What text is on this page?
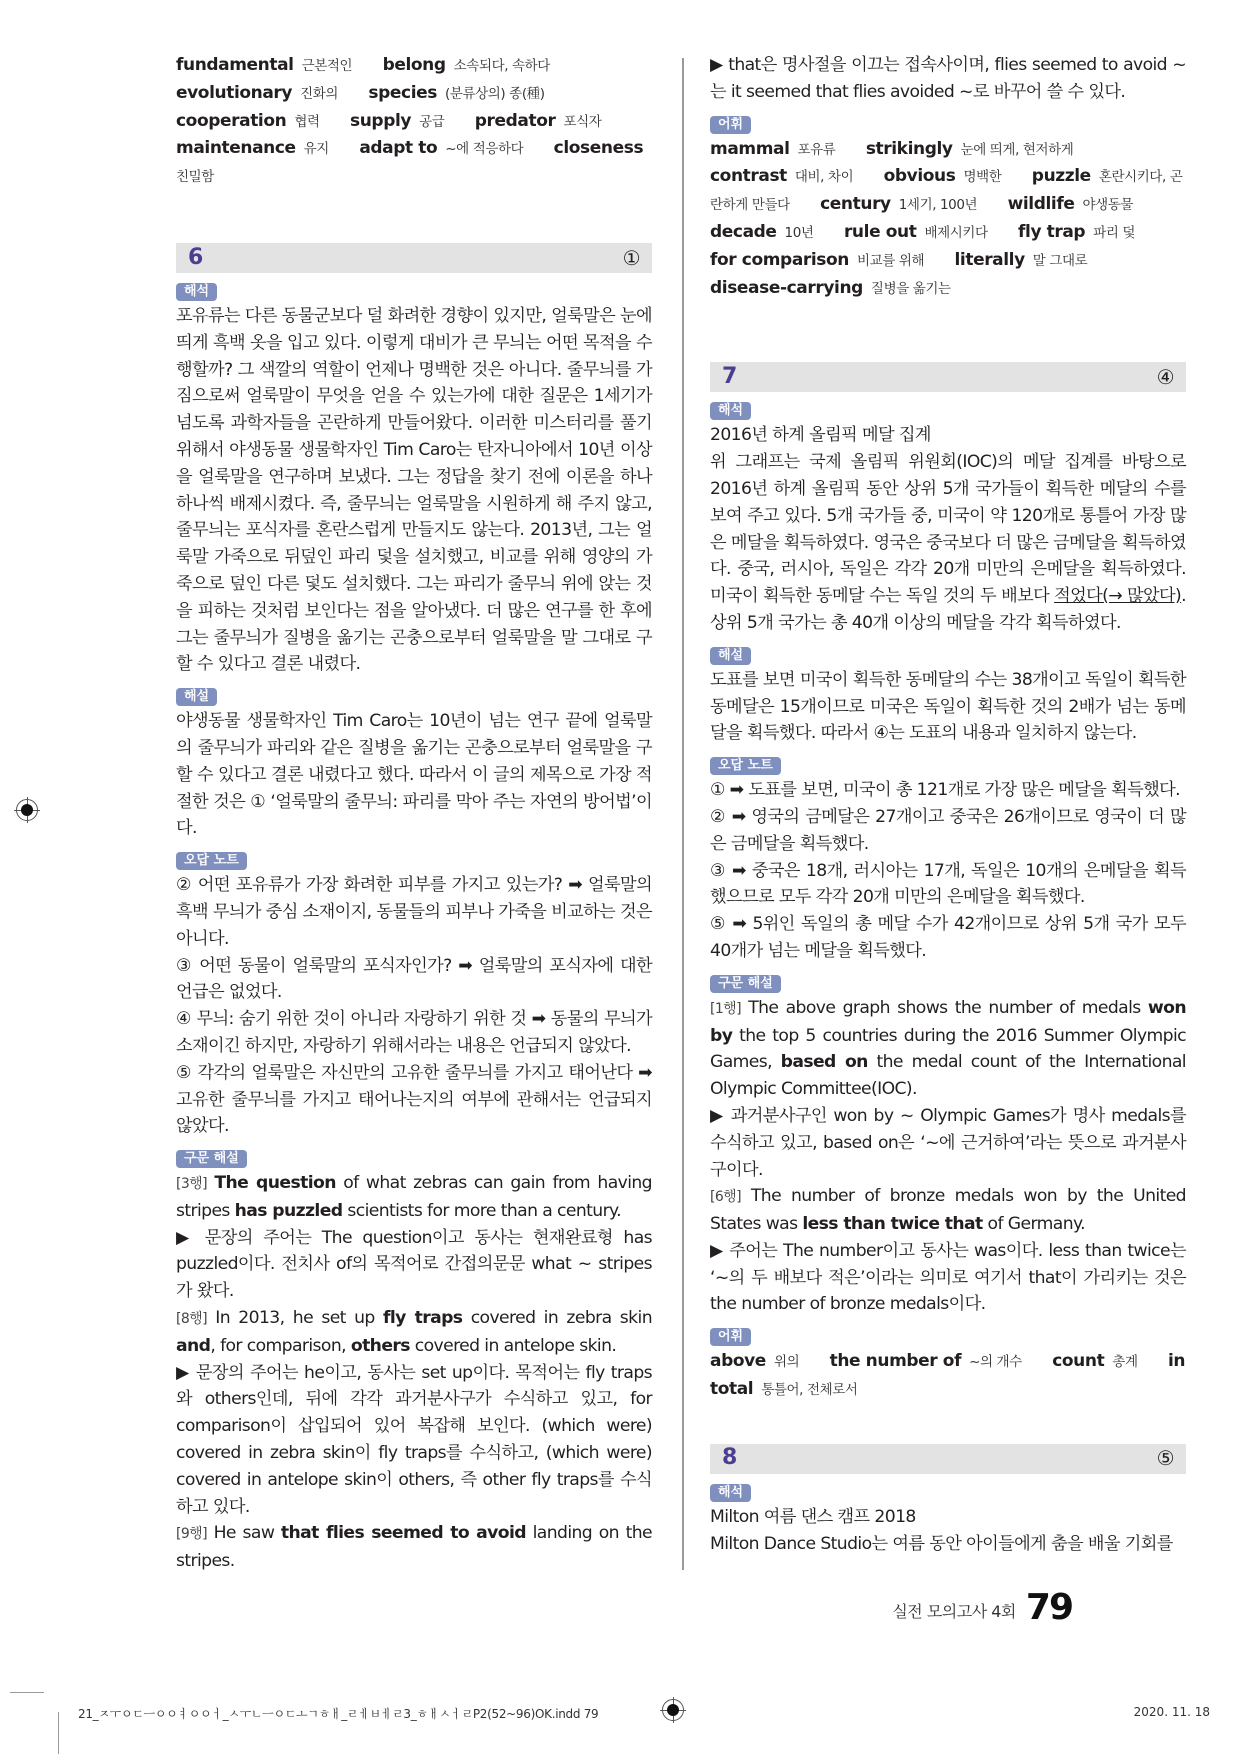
fundamental 근본적인 belong 소속되다, 속하다 evolutionary 진화의 species (분류상의) 종(種) cooperation 협력 supply 공급 predator 포식자 maintenance 유지 adapt to ~에 적응하다 closeness친밀함
6	①
해석

포유류는 다른 동물군보다 덜 화려한 경향이 있지만, 얼룩말은 눈에 띄게 흑백 옷을 입고 있다. 이렇게 대비가 큰 무늬는 어떤 목적을 수행할까? 그 색깔의 역할이 언제나 명백한 것은 아니다. 줄무늬를 가짐으로써 얼룩말이 무엇을 얻을 수 있는가에 대한 질문은 1세기가 넘도록 과학자들을 곤란하게 만들어왔다. 이러한 미스터리를 풀기 위해서 야생동물 생물학자인 Tim Caro는 탄자니아에서 10년 이상을 얼룩말을 연구하며 보냈다. 그는 정답을 찾기 전에 이론을 하나 하나씩 배제시켰다. 즉, 줄무늬는 얼룩말을 시원하게 해 주지 않고, 줄무늬는 포식자를 혼란스럽게 만들지도 않는다. 2013년, 그는 얼룩말 가죽으로 뒤덮인 파리 덫을 설치했고, 비교를 위해 영양의 가죽으로 덮인 다른 덫도 설치했다. 그는 파리가 줄무늬 위에 앉는 것을 피하는 것처럼 보인다는 점을 알아냈다. 더 많은 연구를 한 후에 그는 줄무늬가 질병을 옮기는 곤충으로부터 얼룩말을 말 그대로 구할 수 있다고 결론 내렸다.

해설

야생동물 생물학자인 Tim Caro는 10년이 넘는 연구 끝에 얼룩말의 줄무늬가 파리와 같은 질병을 옮기는 곤충으로부터 얼룩말을 구할 수 있다고 결론 내렸다고 했다. 따라서 이 글의 제목으로 가장 적절한 것은 ① ‘얼룩말의 줄무늬: 파리를 막아 주는 자연의 방어법’이다.

오답 노트

② 어떤 포유류가 가장 화려한 피부를 가지고 있는가? ➡ 얼룩말의 흑백 무늬가 중심 소재이지, 동물들의 피부나 가죽을 비교하는 것은 아니다.

③ 어떤 동물이 얼룩말의 포식자인가? ➡ 얼룩말의 포식자에 대한 언급은 없었다.

④ 무늬: 숨기 위한 것이 아니라 자랑하기 위한 것 ➡ 동물의 무늬가 소재이긴 하지만, 자랑하기 위해서라는 내용은 언급되지 않았다.

⑤ 각각의 얼룩말은 자신만의 고유한 줄무늬를 가지고 태어난다 ➡ 고유한 줄무늬를 가지고 태어나는지의 여부에 관해서는 언급되지 않았다.

구문 해설

[3행] The question of what zebras can gain from having stripes has puzzled scientists for more than a century.

▶ 문장의 주어는 The question이고 동사는 현재완료형 has puzzled이다. 전치사 of의 목적어로 간접의문문 what ~ stripes가 왔다.

[8행] In 2013, he set up fly traps covered in zebra skin and, for comparison, others covered in antelope skin.

▶ 문장의 주어는 he이고, 동사는 set up이다. 목적어는 fly traps와 others인데, 뒤에 각각 과거분사구가 수식하고 있고, for comparison이 삽입되어 있어 복잡해 보인다. (which were) covered in zebra skin이 fly traps를 수식하고, (which were) covered in antelope skin이 others, 즉 other fly traps를 수식하고 있다.

[9행] He saw that flies seemed to avoid landing on the stripes.

▶ that은 명사절을 이끄는 접속사이며, flies seemed to avoid ~는 it seemed that flies avoided ~로 바꾸어 쓸 수 있다.

어휘
mammal 포유류 strikingly 눈에 띄게, 현저하게 contrast 대비, 차이 obvious 명백한 puzzle 혼란시키다, 곤란하게 만들다 century 1세기, 100년 wildlife 야생동물 decade 10년 rule out 배제시키다 fly trap 파리 덫 for comparison 비교를 위해 literally 말 그대로 disease-carrying 질병을 옮기는
7	④
해석

2016년 하계 올림픽 메달 집계

위 그래프는 국제 올림픽 위원회(IOC)의 메달 집계를 바탕으로 2016년 하계 올림픽 동안 상위 5개 국가들이 획득한 메달의 수를 보여 주고 있다. 5개 국가들 중, 미국이 약 120개로 통틀어 가장 많은 메달을 획득하였다. 영국은 중국보다 더 많은 금메달을 획득하였다. 중국, 러시아, 독일은 각각 20개 미만의 은메달을 획득하였다. 미국이 획득한 동메달 수는 독일 것의 두 배보다 적었다(→ 많았다). 상위 5개 국가는 총 40개 이상의 메달을 각각 획득하였다.

해설

도표를 보면 미국이 획득한 동메달의 수는 38개이고 독일이 획득한 동메달은 15개이므로 미국은 독일이 획득한 것의 2배가 넘는 동메달을 획득했다. 따라서 ④는 도표의 내용과 일치하지 않는다.

오답 노트

① ➡ 도표를 보면, 미국이 총 121개로 가장 많은 메달을 획득했다.

② ➡ 영국의 금메달은 27개이고 중국은 26개이므로 영국이 더 많은 금메달을 획득했다.

③ ➡ 중국은 18개, 러시아는 17개, 독일은 10개의 은메달을 획득했으므로 모두 각각 20개 미만의 은메달을 획득했다.

⑤ ➡ 5위인 독일의 총 메달 수가 42개이므로 상위 5개 국가 모두 40개가 넘는 메달을 획득했다.

구문 해설

[1행] The above graph shows the number of medals won by the top 5 countries during the 2016 Summer Olympic Games, based on the medal count of the International Olympic Committee(IOC).

▶ 과거분사구인 won by ~ Olympic Games가 명사 medals를 수식하고 있고, based on은 ‘~에 근거하여’라는 뜻으로 과거분사구이다.

[6행] The number of bronze medals won by the United States was less than twice that of Germany.

▶ 주어는 The number이고 동사는 was이다. less than twice는 ‘~의 두 배보다 적은’이라는 의미로 여기서 that이 가리키는 것은 the number of bronze medals이다.

어휘
above 위의 the number of ~의 개수 count 총계 in total 통틀어, 전체로서
8	⑤
해석

Milton 여름 댄스 캠프 2018

Milton Dance Studio는 여름 동안 아이들에게 춤을 배울 기회를

실전 모의고사 4회 79
21_ㅈㅜㅇㄷㅡㅇㅇㅕㅇㅇㅓ_ㅅㅜㄴㅡㅇㄷㅗㄱㅎㅐ_ㄹㅔㅂㅔㄹ3_ㅎㅐㅅㅓㄹP2(52~96)OK.indd 79	2020. 11. 18
